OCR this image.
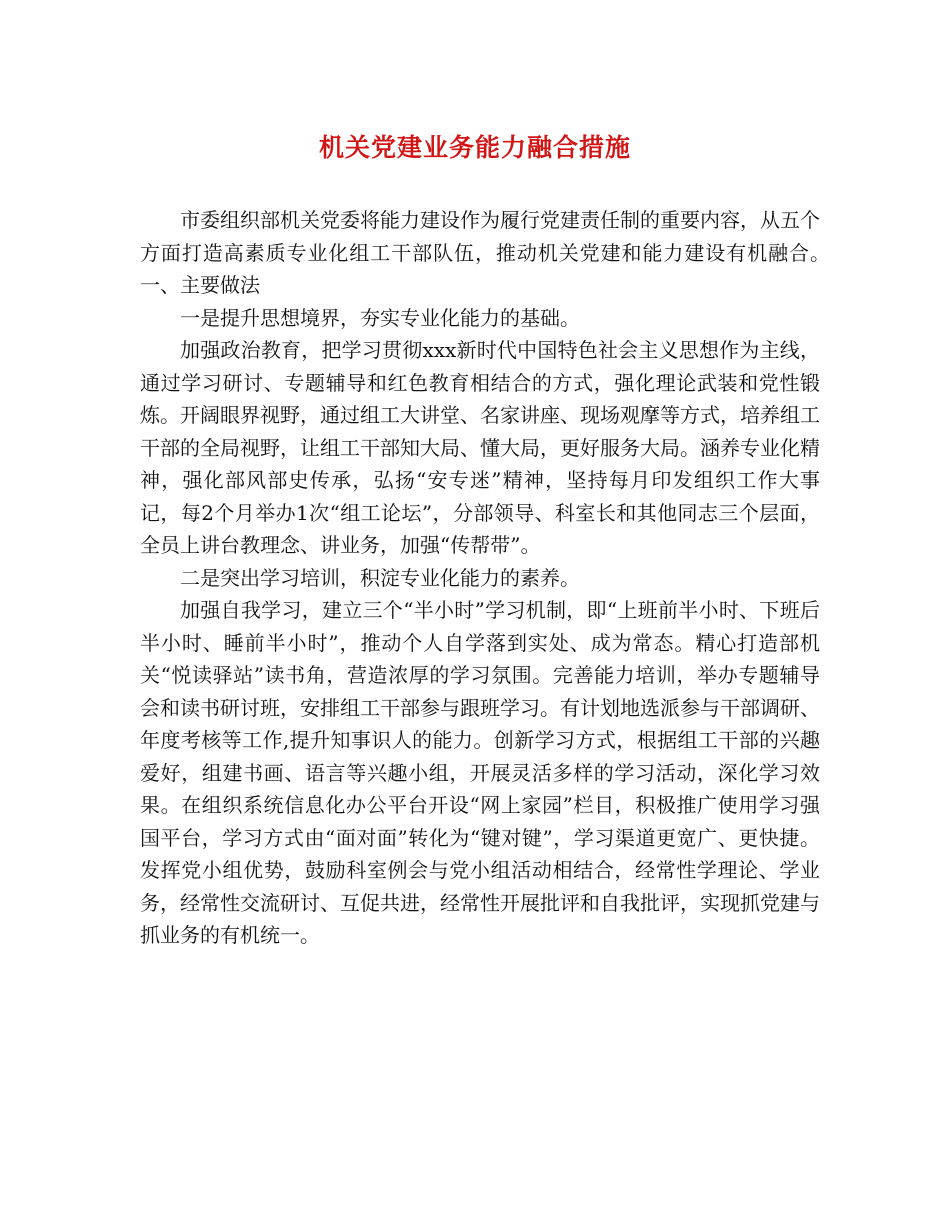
机关党建业务能力融合措施

市委组织部机关党委将能力建设作为履行党建责任制的重要内容，从五个方面打造高素质专业化组工干部队伍，推动机关党建和能力建设有机融合。　　　一、主要做法

一是提升思想境界，夯实专业化能力的基础。

加强政治教育，把学习贯彻xxx新时代中国特色社会主义思想作为主线，通过学习研讨、专题辅导和红色教育相结合的方式，强化理论武装和党性锻炼。开阔眼界视野，通过组工大讲堂、名家讲座、现场观摩等方式，培养组工干部的全局视野，让组工干部知大局、懂大局，更好服务大局。涵养专业化精神，强化部风部史传承，弘扬“安专迷”精神，坚持每月印发组织工作大事记，每2个月举办1次“组工论坛”，分部领导、科室长和其他同志三个层面，全员上讲台教理念、讲业务，加强“传帮带”。

二是突出学习培训，积淀专业化能力的素养。

加强自我学习，建立三个“半小时”学习机制，即“上班前半小时、下班后半小时、睡前半小时”，推动个人自学落到实处、成为常态。精心打造部机关“悦读驿站”读书角，营造浓厚的学习氛围。完善能力培训，举办专题辅导会和读书研讨班，安排组工干部参与跟班学习。有计划地选派参与干部调研、年度考核等工作,提升知事识人的能力。创新学习方式，根据组工干部的兴趣爱好，组建书画、语言等兴趣小组，开展灵活多样的学习活动，深化学习效果。在组织系统信息化办公平台开设“网上家园”栏目，积极推广使用学习强国平台，学习方式由“面对面”转化为“键对键”，学习渠道更宽广、更快捷。发挥党小组优势，鼓励科室例会与党小组活动相结合，经常性学理论、学业务，经常性交流研讨、互促共进，经常性开展批评和自我批评，实现抓党建与抓业务的有机统一。
